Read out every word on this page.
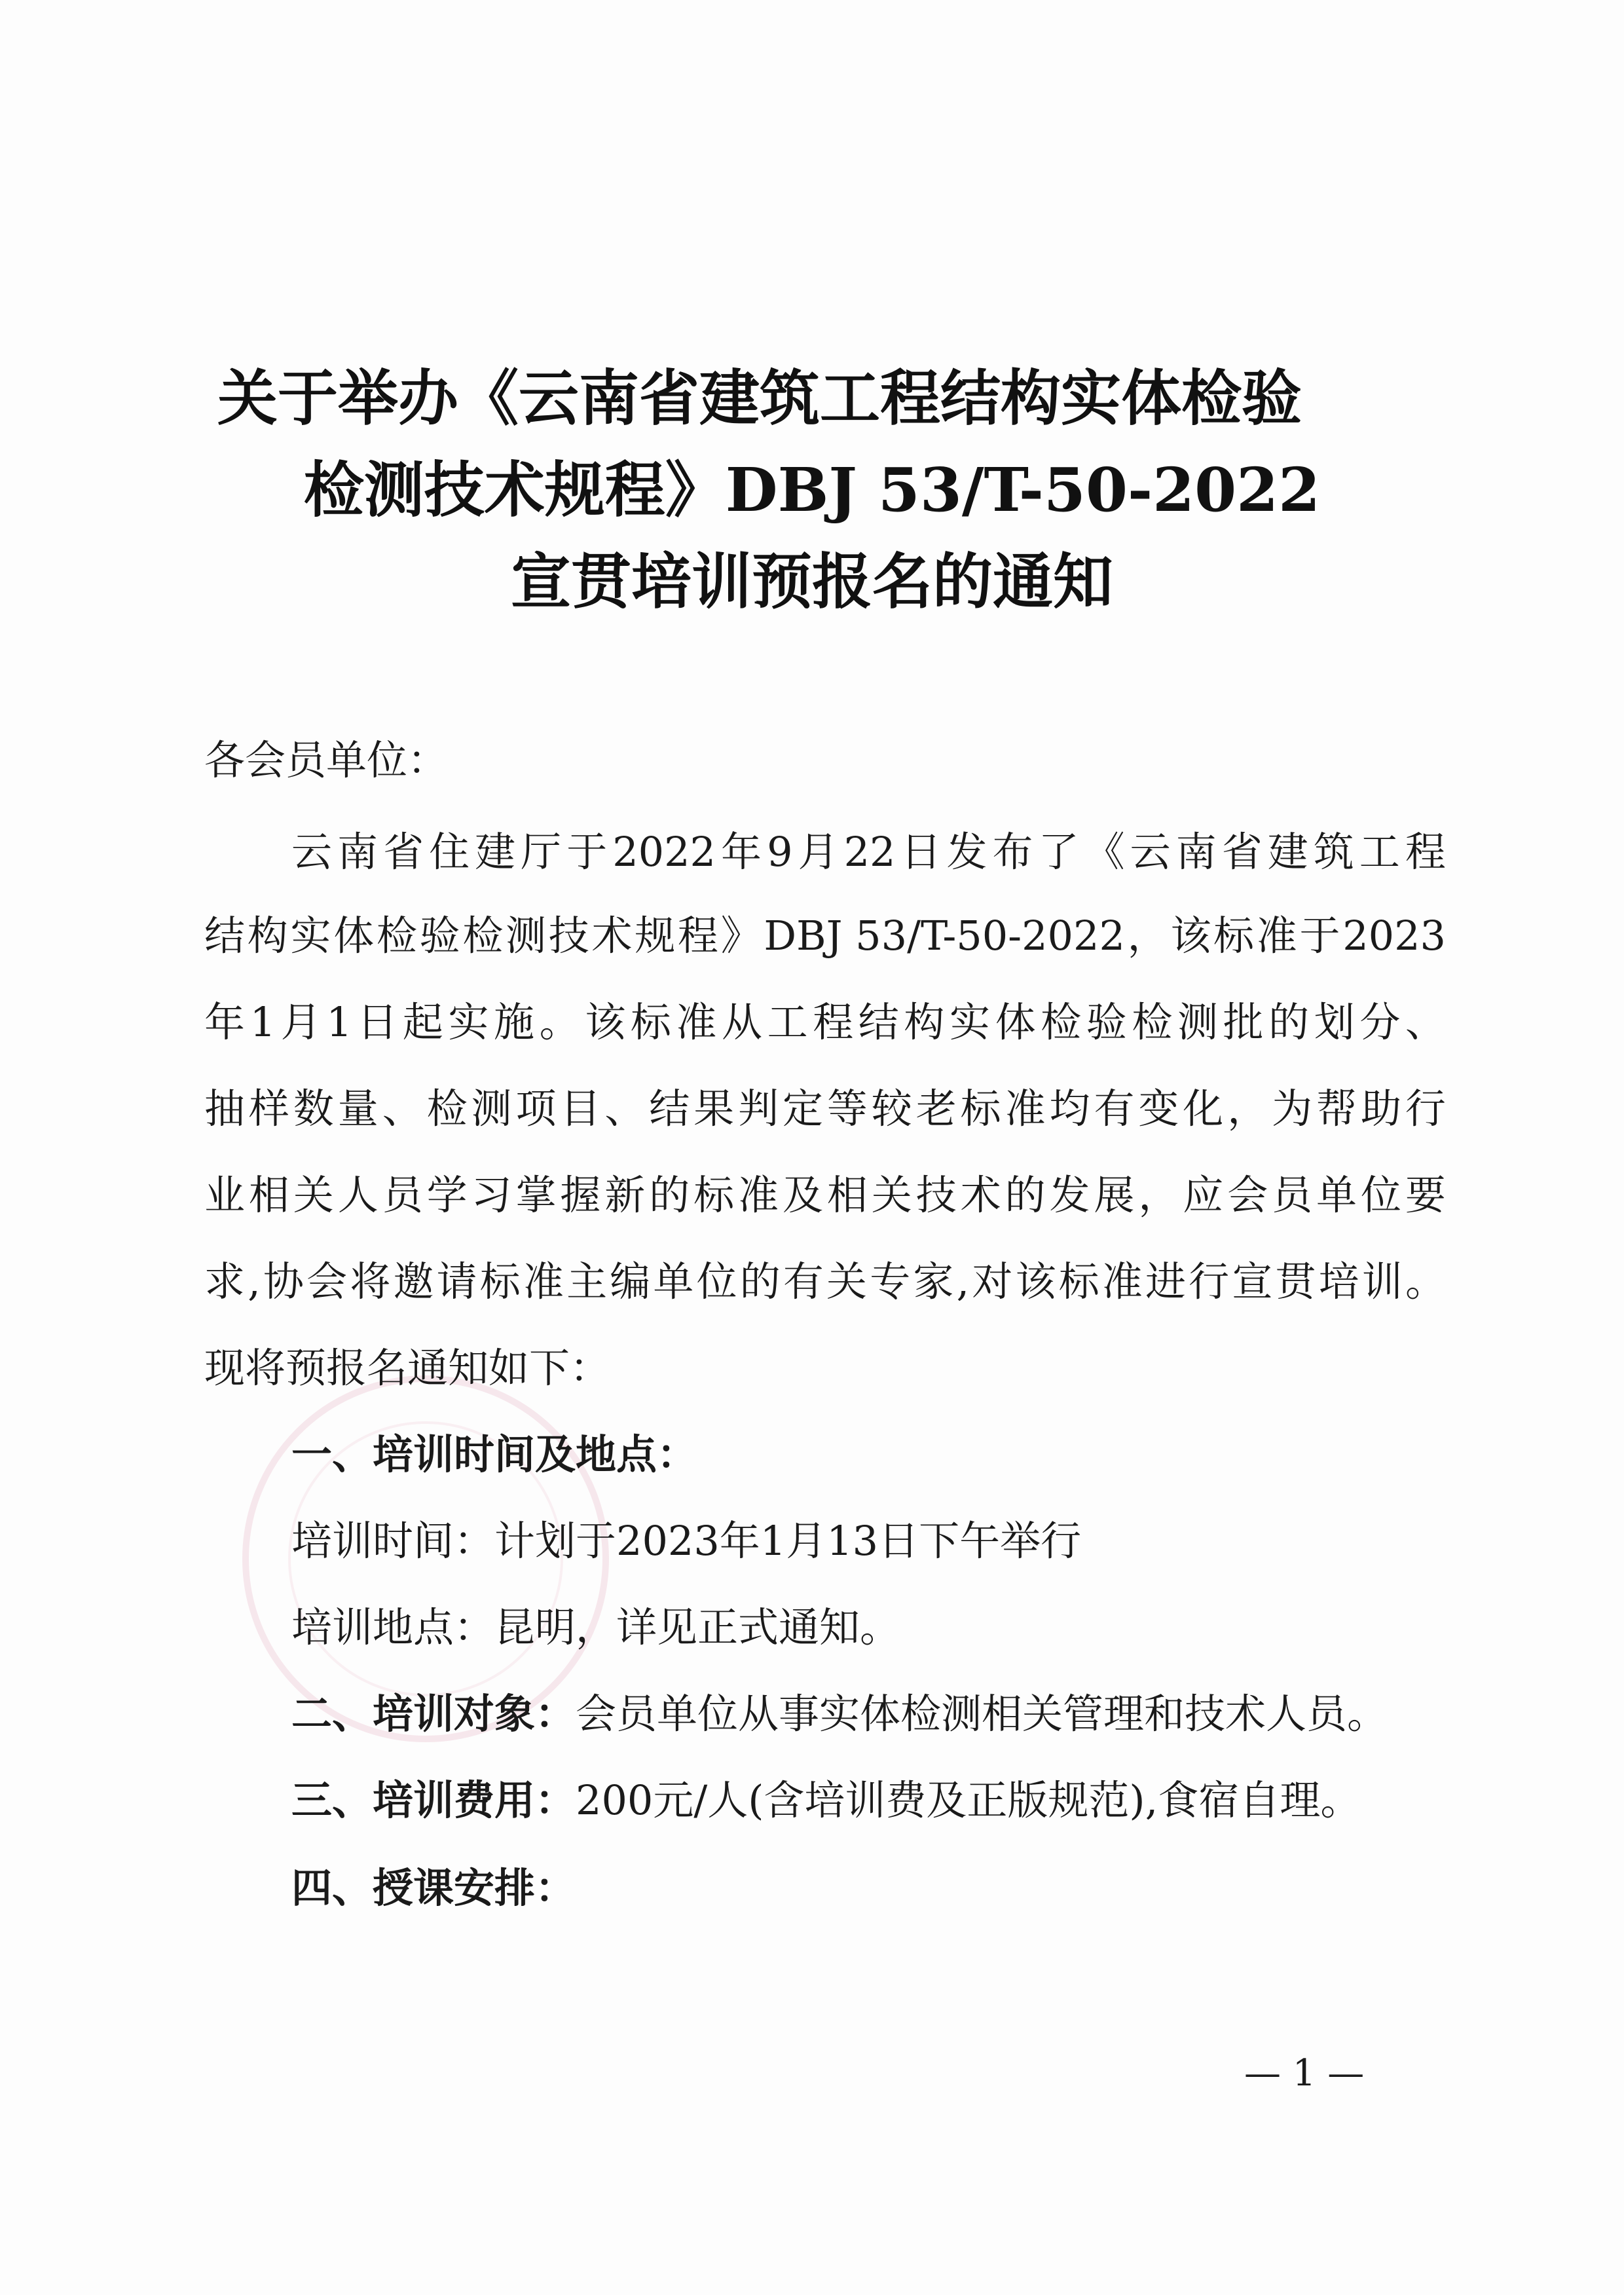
关于举办《云南省建筑工程结构实体检验
检测技术规程》DBJ 53/T-50-2022
宣贯培训预报名的通知
各会员单位：
云 南 省 住 建 厅 于 2022 年 9 月 22 日 发 布 了 《 云 南 省 建 筑 工 程
结 构 实 体 检 验 检 测 技 术 规 程 》 DBJ 53/T-50-2022 ， 该 标 准 于 2023
年 1 月 1 日 起 实 施 。 该 标 准 从 工 程 结 构 实 体 检 验 检 测 批 的 划 分 、
抽 样 数 量 、 检 测 项 目 、 结 果 判 定 等 较 老 标 准 均 有 变 化 ， 为 帮 助 行
业 相 关 人 员 学 习 掌 握 新 的 标 准 及 相 关 技 术 的 发 展 ， 应 会 员 单 位 要
求 , 协 会 将 邀 请 标 准 主 编 单 位 的 有 关 专 家 , 对 该 标 准 进 行 宣 贯 培 训 。
现将预报名通知如下：
一、培训时间及地点：
培训时间：计划于2023年1月13日下午举行
培训地点：昆明，详见正式通知。
二、培训对象：会员单位从事实体检测相关管理和技术人员。
三、培训费用：200元/人(含培训费及正版规范),食宿自理。
四、授课安排：
— 1 —
